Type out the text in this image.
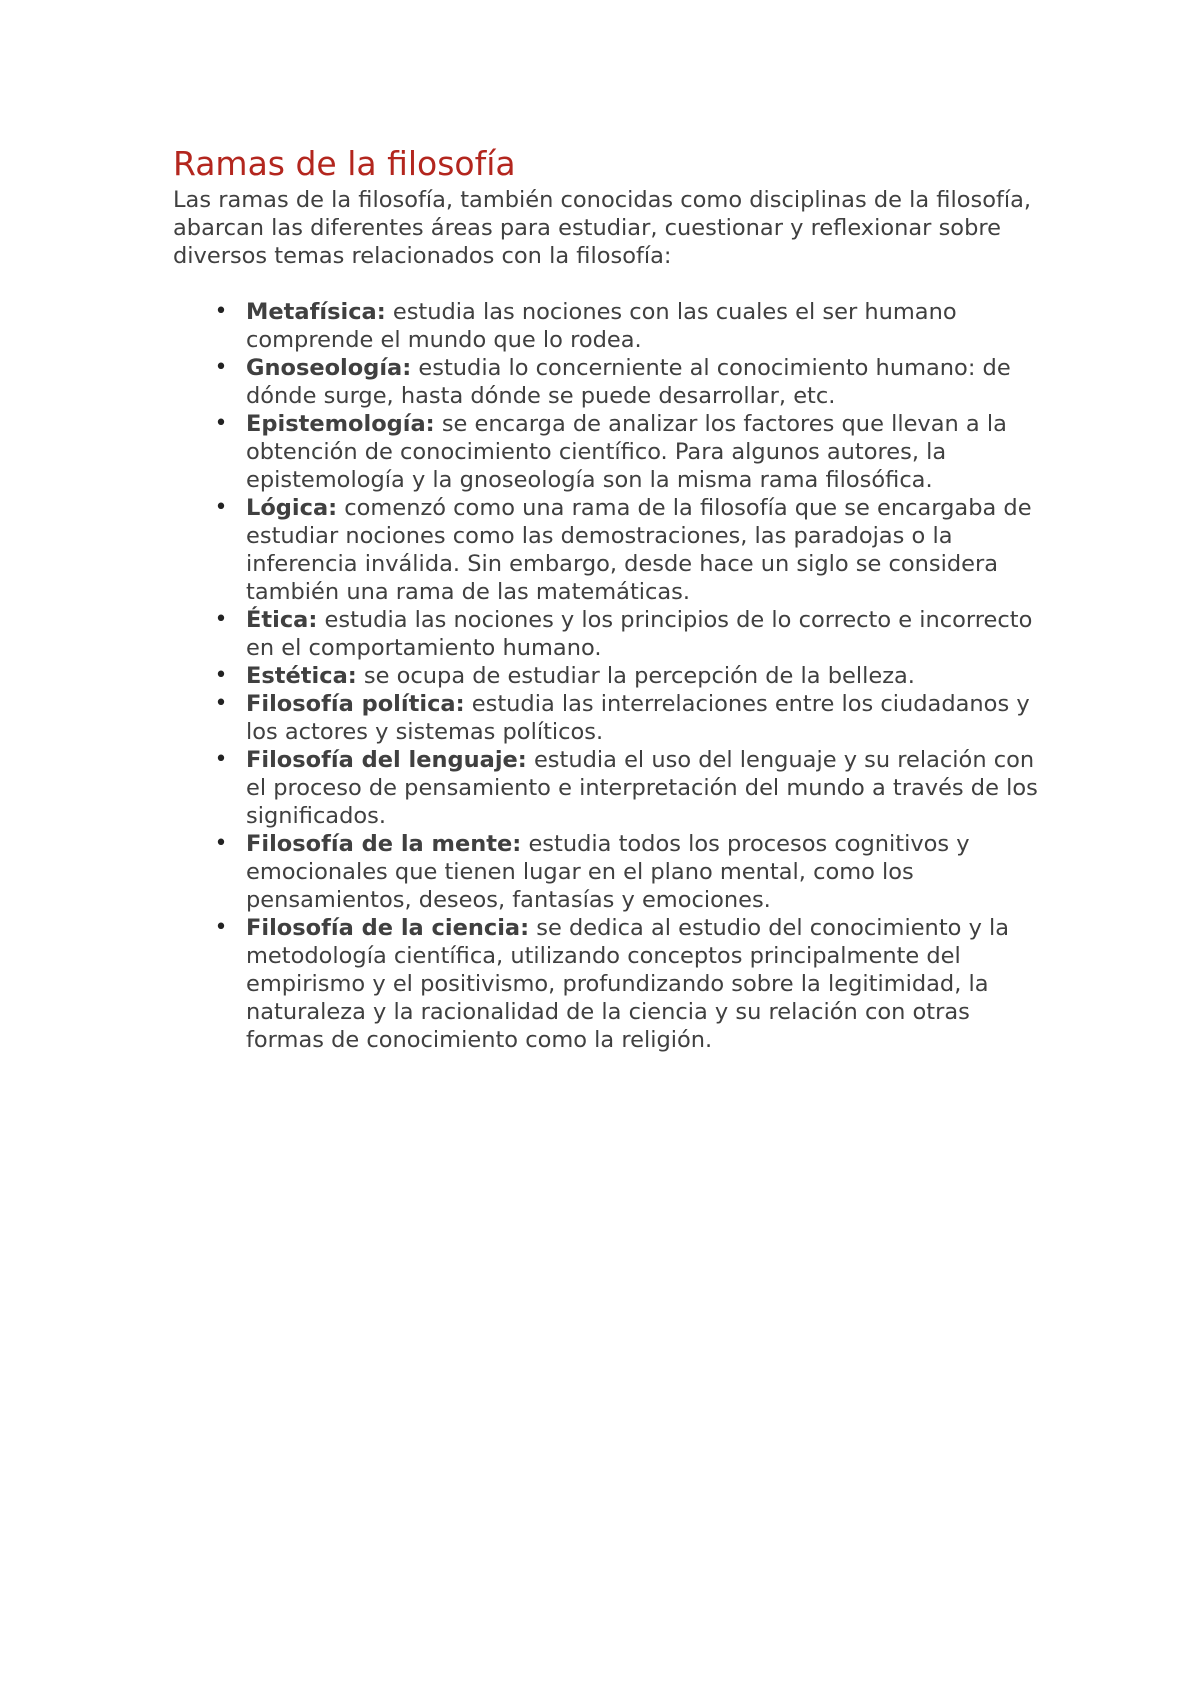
Ramas de la filosofía

Las ramas de la filosofía, también conocidas como disciplinas de la filosofía, abarcan las diferentes áreas para estudiar, cuestionar y reflexionar sobre diversos temas relacionados con la filosofía:

• Metafísica: estudia las nociones con las cuales el ser humano comprende el mundo que lo rodea.
• Gnoseología: estudia lo concerniente al conocimiento humano: de dónde surge, hasta dónde se puede desarrollar, etc.
• Epistemología: se encarga de analizar los factores que llevan a la obtención de conocimiento científico. Para algunos autores, la epistemología y la gnoseología son la misma rama filosófica.
• Lógica: comenzó como una rama de la filosofía que se encargaba de estudiar nociones como las demostraciones, las paradojas o la inferencia inválida. Sin embargo, desde hace un siglo se considera también una rama de las matemáticas.
• Ética: estudia las nociones y los principios de lo correcto e incorrecto en el comportamiento humano.
• Estética: se ocupa de estudiar la percepción de la belleza.
• Filosofía política: estudia las interrelaciones entre los ciudadanos y los actores y sistemas políticos.
• Filosofía del lenguaje: estudia el uso del lenguaje y su relación con el proceso de pensamiento e interpretación del mundo a través de los significados.
• Filosofía de la mente: estudia todos los procesos cognitivos y emocionales que tienen lugar en el plano mental, como los pensamientos, deseos, fantasías y emociones.
• Filosofía de la ciencia: se dedica al estudio del conocimiento y la metodología científica, utilizando conceptos principalmente del empirismo y el positivismo, profundizando sobre la legitimidad, la naturaleza y la racionalidad de la ciencia y su relación con otras formas de conocimiento como la religión.
